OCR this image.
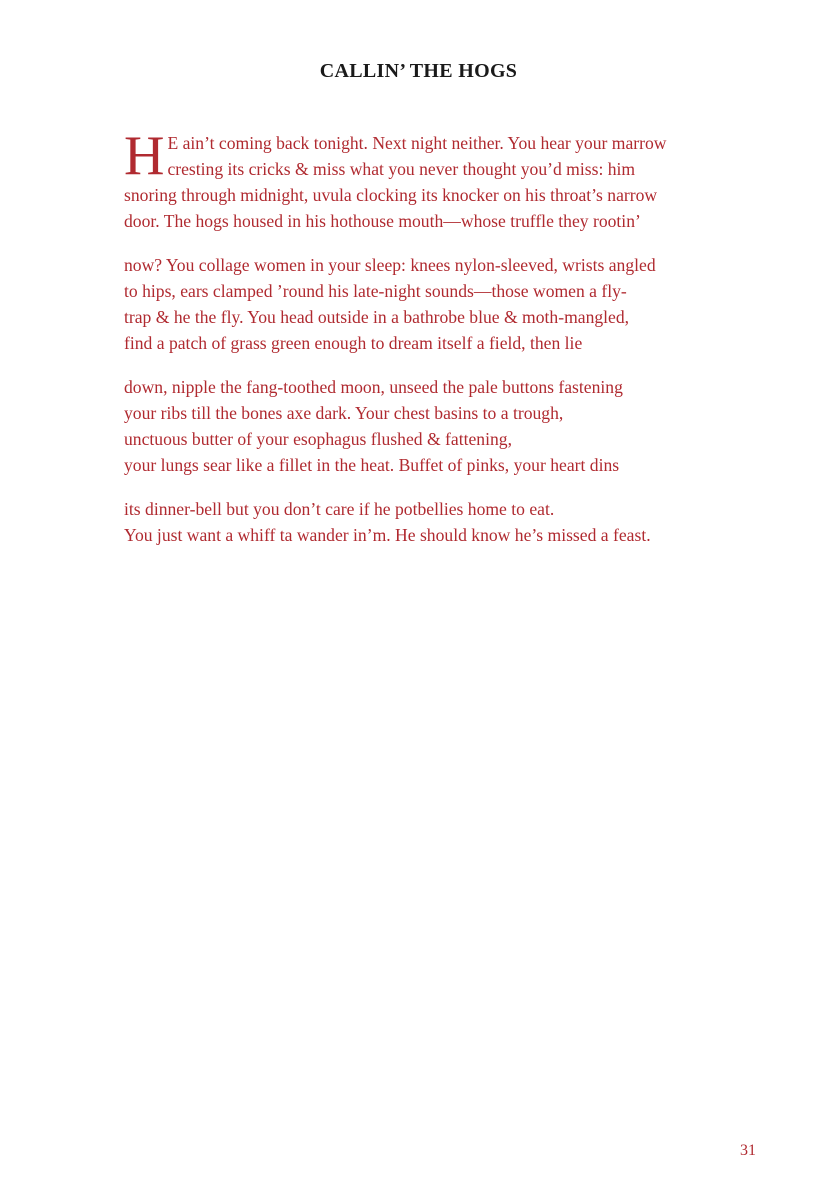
CALLIN’ THE HOGS
H E ain’t coming back tonight. Next night neither. You hear your marrow
cresting its cricks & miss what you never thought you’d miss: him
snoring through midnight, uvula clocking its knocker on his throat’s narrow
door. The hogs housed in his hothouse mouth—whose truffle they rootin’
now? You collage women in your sleep: knees nylon-sleeved, wrists angled
to hips, ears clamped ’round his late-night sounds—those women a fly-
trap & he the fly. You head outside in a bathrobe blue & moth-mangled,
find a patch of grass green enough to dream itself a field, then lie
down, nipple the fang-toothed moon, unseed the pale buttons fastening
your ribs till the bones axe dark. Your chest basins to a trough,
unctuous butter of your esophagus flushed & fattening,
your lungs sear like a fillet in the heat. Buffet of pinks, your heart dins
its dinner-bell but you don’t care if he potbellies home to eat.
You just want a whiff ta wander in’m. He should know he’s missed a feast.
31
